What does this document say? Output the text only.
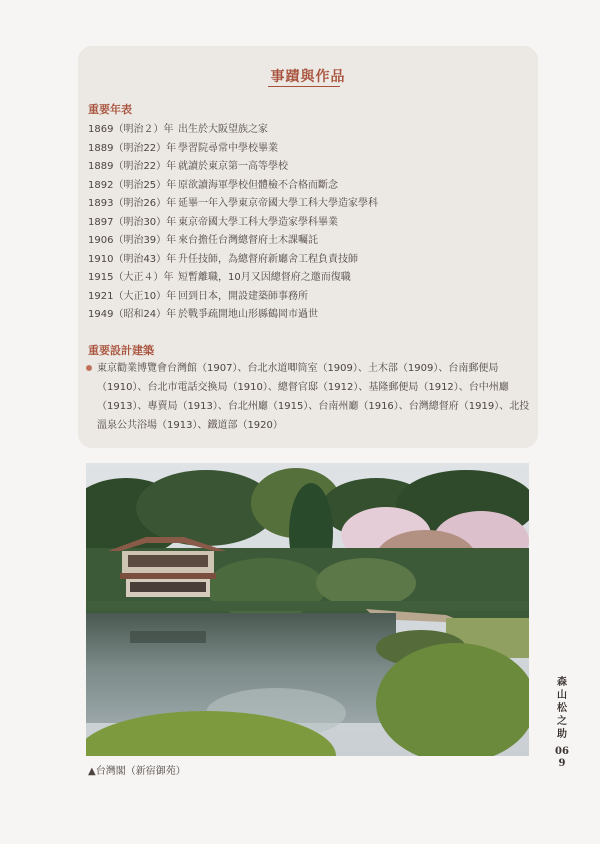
事蹟與作品
重要年表
1869（明治２）年 出生於大阪望族之家
1889（明治22）年 學習院尋常中學校畢業
1889（明治22）年 就讀於東京第一高等學校
1892（明治25）年 原欲讀海軍學校但體檢不合格而斷念
1893（明治26）年 延畢一年入學東京帝國大學工科大學造家學科
1897（明治30）年 東京帝國大學工科大學造家學科畢業
1906（明治39）年 來台擔任台灣總督府土木課囑託
1910（明治43）年 升任技師，為總督府新廳舍工程負責技師
1915（大正４）年 短暫離職，10月又因總督府之邀而復職
1921（大正10）年 回到日本，開設建築師事務所
1949（昭和24）年 於戰爭疏開地山形縣鶴岡市過世
重要設計建築
東京勸業博覽會台灣館（1907）、台北水道唧筒室（1909）、土木部（1909）、台南郵便局（1910）、台北市電話交換局（1910）、總督官邸（1912）、基隆郵便局（1912）、台中州廳（1913）、專賣局（1913）、台北州廳（1915）、台南州廳（1916）、台灣總督府（1919）、北投溫泉公共浴場（1913）、鐵道部（1920）
▲台灣閣（新宿御苑）
森山松之助
069
